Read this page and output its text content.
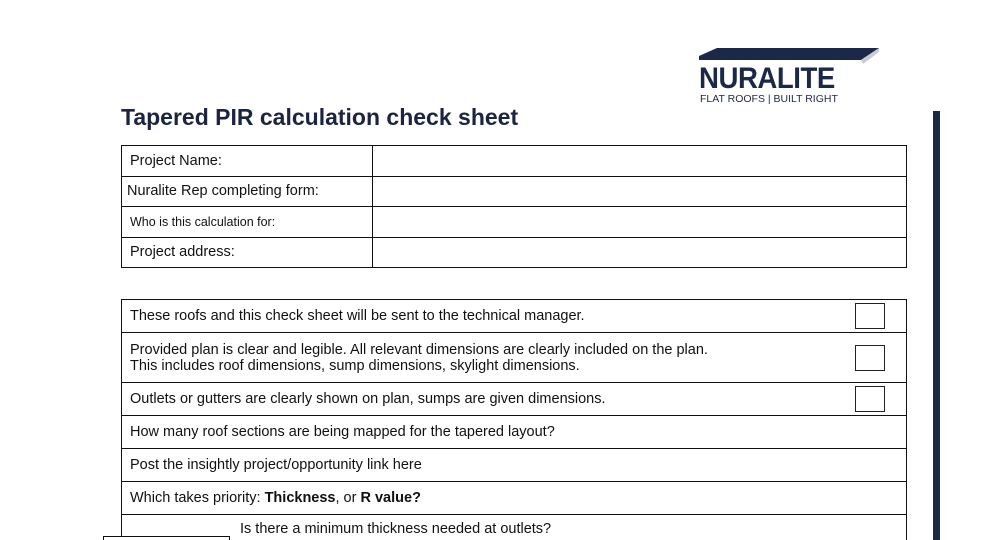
NURALITE
FLAT ROOFS | BUILT RIGHT
Tapered PIR calculation check sheet
Project Name:	
Nuralite Rep completing form:	
Who is this calculation for:	
Project address:	
These roofs and this check sheet will be sent to the technical manager.	

Provided plan is clear and legible. All relevant dimensions are clearly included on the plan.
This includes roof dimensions, sump dimensions, skylight dimensions.	

Outlets or gutters are clearly shown on plan, sumps are given dimensions.	

How many roof sections are being mapped for the tapered layout?	
Post the insightly project/opportunity link here	
Which takes priority: Thickness, or R value?	
Is there a minimum thickness needed at outlets?	
